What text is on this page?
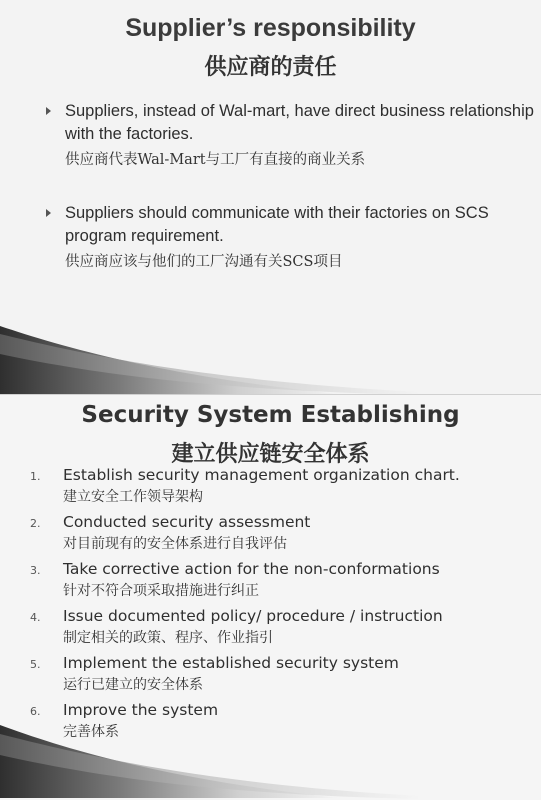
Supplier’s responsibility
供应商的责任
Suppliers, instead of Wal-mart, have direct business relationship with the factories.
供应商代表Wal-Mart与工厂有直接的商业关系
Suppliers should communicate with their factories on SCS program requirement.
供应商应该与他们的工厂沟通有关SCS项目
Security System Establishing
建立供应链安全体系
1. Establish security management organization chart.
建立安全工作领导架构
2. Conducted security assessment
对目前现有的安全体系进行自我评估
3. Take corrective action for the non-conformations
针对不符合项采取措施进行纠正
4. Issue documented policy/ procedure / instruction
制定相关的政策、程序、作业指引
5. Implement the established security system
运行已建立的安全体系
6. Improve the system
完善体系
